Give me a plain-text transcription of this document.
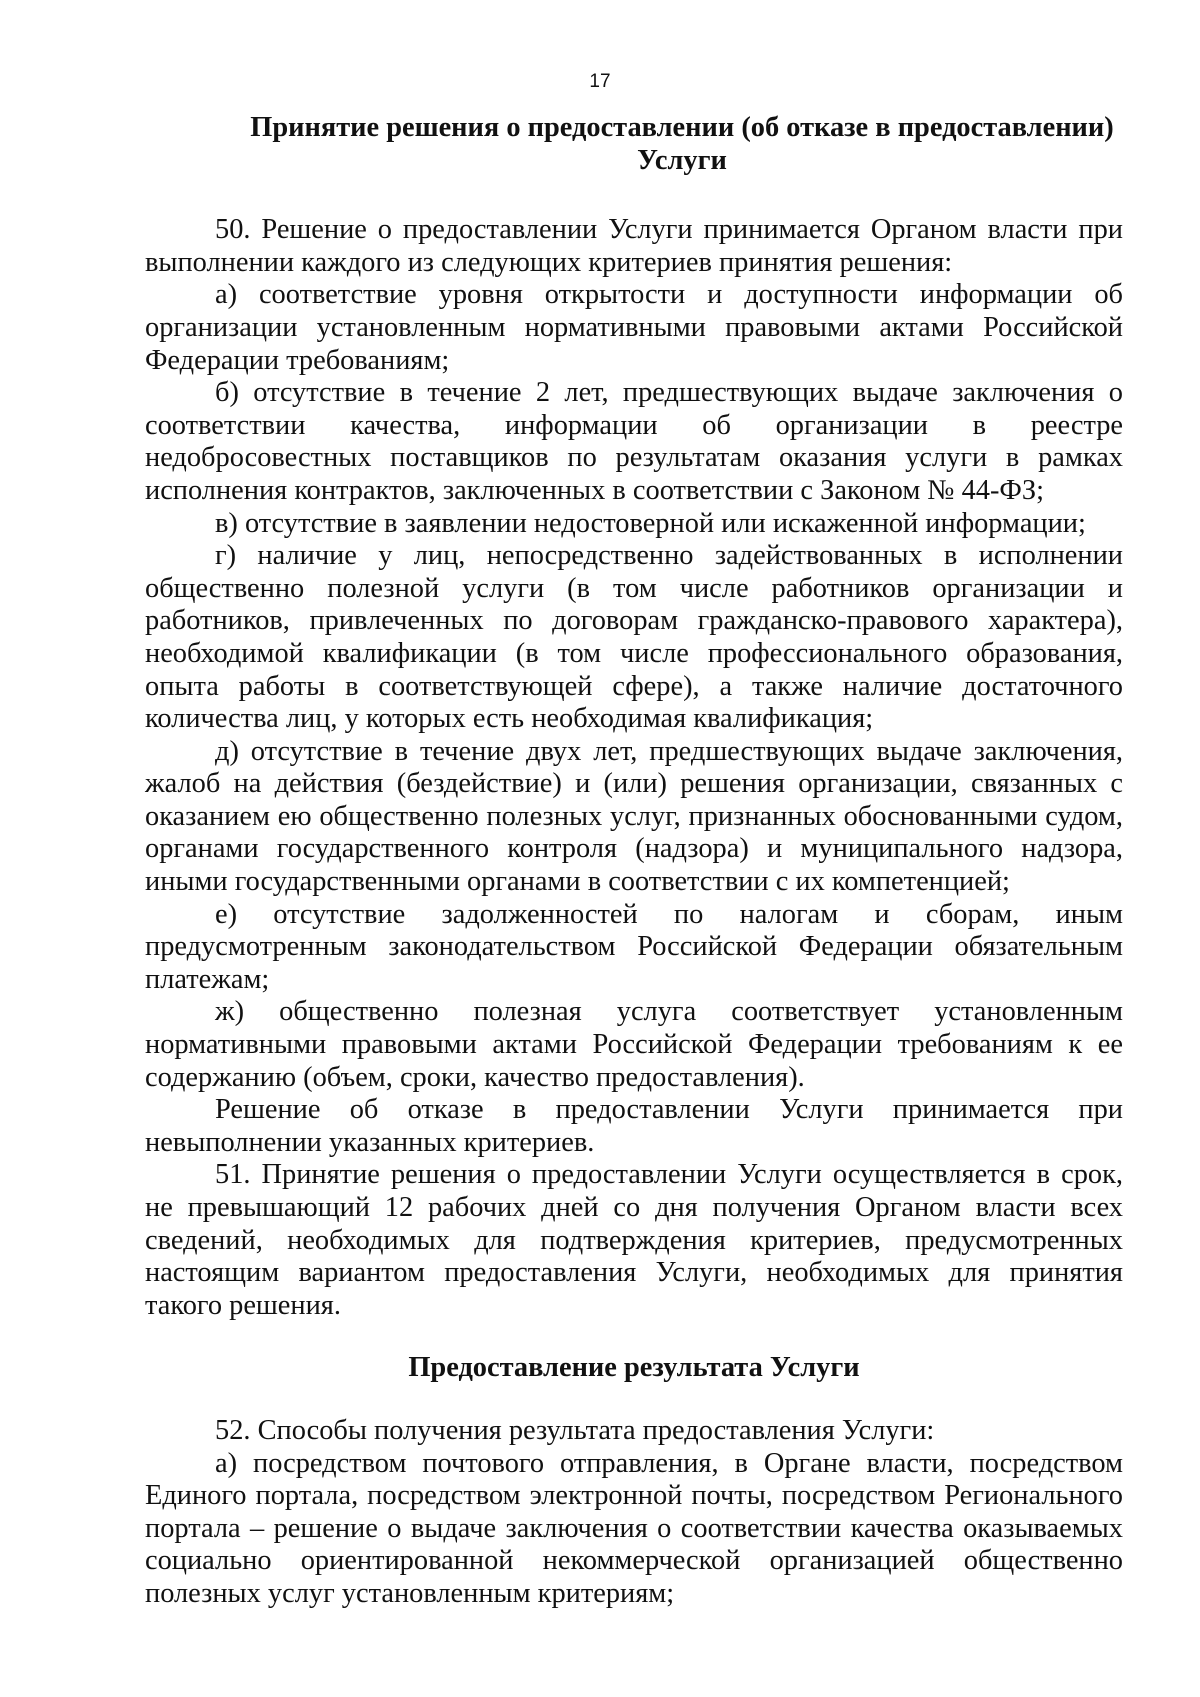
17

Принятие решения о предоставлении (об отказе в предоставлении) Услуги

50. Решение о предоставлении Услуги принимается Органом власти при выполнении каждого из следующих критериев принятия решения:

а) соответствие уровня открытости и доступности информации об организации установленным нормативными правовыми актами Российской Федерации требованиям;

б) отсутствие в течение 2 лет, предшествующих выдаче заключения о соответствии качества, информации об организации в реестре недобросовестных поставщиков по результатам оказания услуги в рамках исполнения контрактов, заключенных в соответствии с Законом № 44-ФЗ;

в) отсутствие в заявлении недостоверной или искаженной информации;

г) наличие у лиц, непосредственно задействованных в исполнении общественно полезной услуги (в том числе работников организации и работников, привлеченных по договорам гражданско-правового характера), необходимой квалификации (в том числе профессионального образования, опыта работы в соответствующей сфере), а также наличие достаточного количества лиц, у которых есть необходимая квалификация;

д) отсутствие в течение двух лет, предшествующих выдаче заключения, жалоб на действия (бездействие) и (или) решения организации, связанных с оказанием ею общественно полезных услуг, признанных обоснованными судом, органами государственного контроля (надзора) и муниципального надзора, иными государственными органами в соответствии с их компетенцией;

е) отсутствие задолженностей по налогам и сборам, иным предусмотренным законодательством Российской Федерации обязательным платежам;

ж) общественно полезная услуга соответствует установленным нормативными правовыми актами Российской Федерации требованиям к ее содержанию (объем, сроки, качество предоставления).

Решение об отказе в предоставлении Услуги принимается при невыполнении указанных критериев.

51. Принятие решения о предоставлении Услуги осуществляется в срок, не превышающий 12 рабочих дней со дня получения Органом власти всех сведений, необходимых для подтверждения критериев, предусмотренных настоящим вариантом предоставления Услуги, необходимых для принятия такого решения.

Предоставление результата Услуги

52. Способы получения результата предоставления Услуги:

а) посредством почтового отправления, в Органе власти, посредством Единого портала, посредством электронной почты, посредством Регионального портала – решение о выдаче заключения о соответствии качества оказываемых социально ориентированной некоммерческой организацией общественно полезных услуг установленным критериям;
